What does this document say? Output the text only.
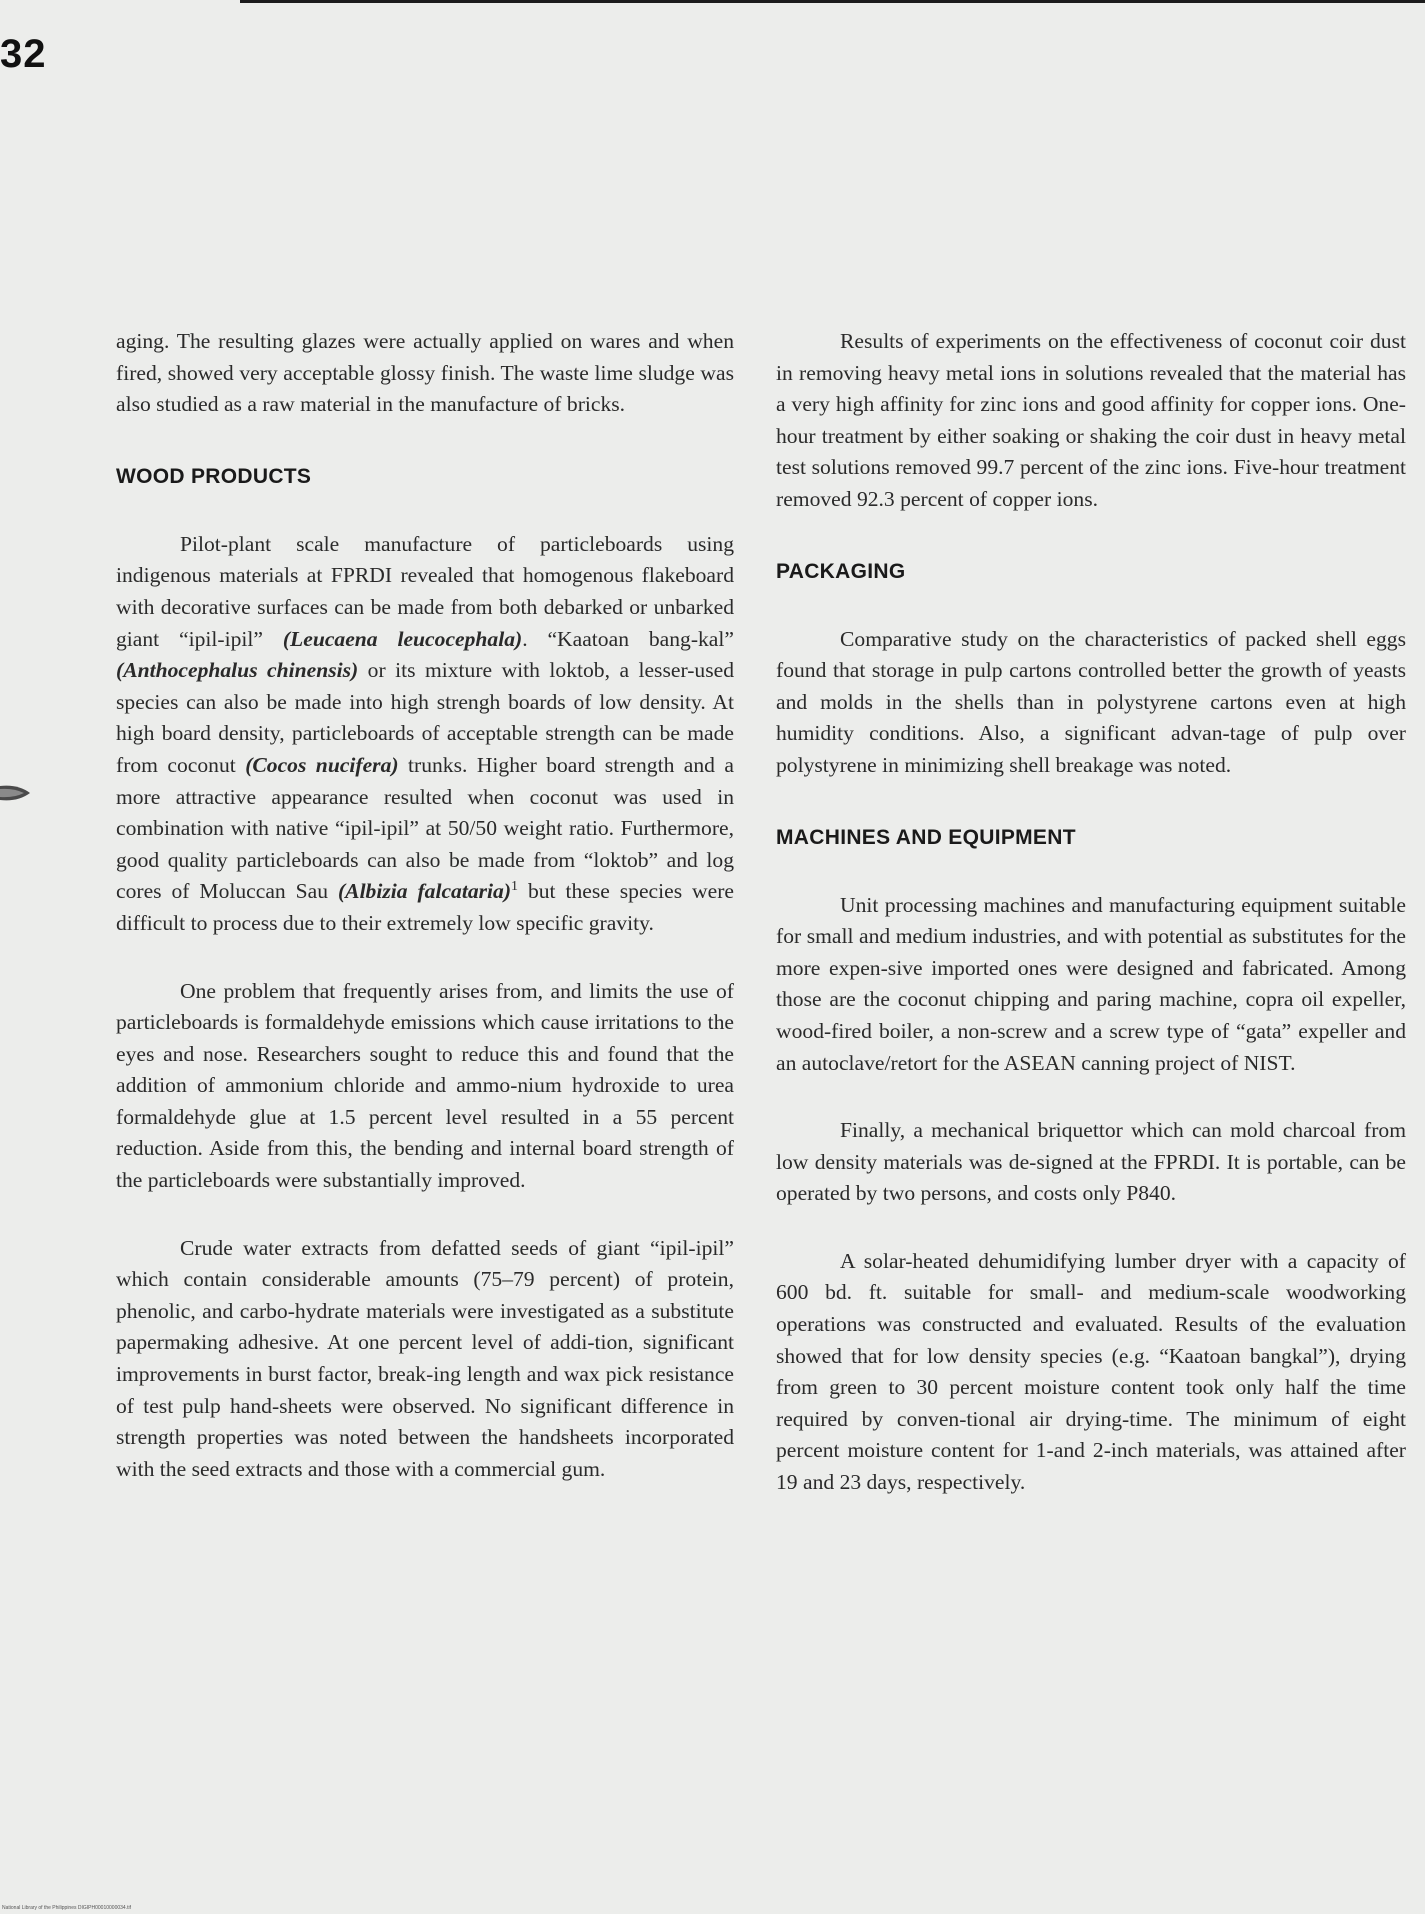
32

aging. The resulting glazes were actually applied on wares and when fired, showed very acceptable glossy finish. The waste lime sludge was also studied as a raw material in the manufacture of bricks.

WOOD PRODUCTS

Pilot-plant scale manufacture of particleboards using indigenous materials at FPRDI revealed that homogenous flakeboard with decorative surfaces can be made from both debarked or unbarked giant “ipil-ipil” (Leucaena leucocephala). “Kaatoan bang-kal” (Anthocephalus chinensis) or its mixture with loktob, a lesser-used species can also be made into high strengh boards of low density. At high board density, particleboards of acceptable strength can be made from coconut (Cocos nucifera) trunks. Higher board strength and a more attractive appearance resulted when coconut was used in combination with native “ipil-ipil” at 50/50 weight ratio. Furthermore, good quality particleboards can also be made from “loktob” and log cores of Moluccan Sau (Albizia falcataria)$^1$ but these species were difficult to process due to their extremely low specific gravity.

One problem that frequently arises from, and limits the use of particleboards is formaldehyde emissions which cause irritations to the eyes and nose. Researchers sought to reduce this and found that the addition of ammonium chloride and ammo-nium hydroxide to urea formaldehyde glue at 1.5 percent level resulted in a 55 percent reduction. Aside from this, the bending and internal board strength of the particleboards were substantially improved.

Crude water extracts from defatted seeds of giant “ipil-ipil” which contain considerable amounts (75–79 percent) of protein, phenolic, and carbo-hydrate materials were investigated as a substitute papermaking adhesive. At one percent level of addi-tion, significant improvements in burst factor, break-ing length and wax pick resistance of test pulp hand-sheets were observed. No significant difference in strength properties was noted between the handsheets incorporated with the seed extracts and those with a commercial gum.

Results of experiments on the effectiveness of coconut coir dust in removing heavy metal ions in solutions revealed that the material has a very high affinity for zinc ions and good affinity for copper ions. One-hour treatment by either soaking or shaking the coir dust in heavy metal test solutions removed 99.7 percent of the zinc ions. Five-hour treatment removed 92.3 percent of copper ions.

PACKAGING

Comparative study on the characteristics of packed shell eggs found that storage in pulp cartons controlled better the growth of yeasts and molds in the shells than in polystyrene cartons even at high humidity conditions. Also, a significant advan-tage of pulp over polystyrene in minimizing shell breakage was noted.

MACHINES AND EQUIPMENT

Unit processing machines and manufacturing equipment suitable for small and medium industries, and with potential as substitutes for the more expen-sive imported ones were designed and fabricated. Among those are the coconut chipping and paring machine, copra oil expeller, wood-fired boiler, a non-screw and a screw type of “gata” expeller and an autoclave/retort for the ASEAN canning project of NIST.

Finally, a mechanical briquettor which can mold charcoal from low density materials was de-signed at the FPRDI. It is portable, can be operated by two persons, and costs only P840.

A solar-heated dehumidifying lumber dryer with a capacity of 600 bd. ft. suitable for small- and medium-scale woodworking operations was constructed and evaluated. Results of the evaluation showed that for low density species (e.g. “Kaatoan bangkal”), drying from green to 30 percent moisture content took only half the time required by conven-tional air drying-time. The minimum of eight percent moisture content for 1-and 2-inch materials, was attained after 19 and 23 days, respectively.

National Library of the Philippines DIGIPH00010000034.tif
